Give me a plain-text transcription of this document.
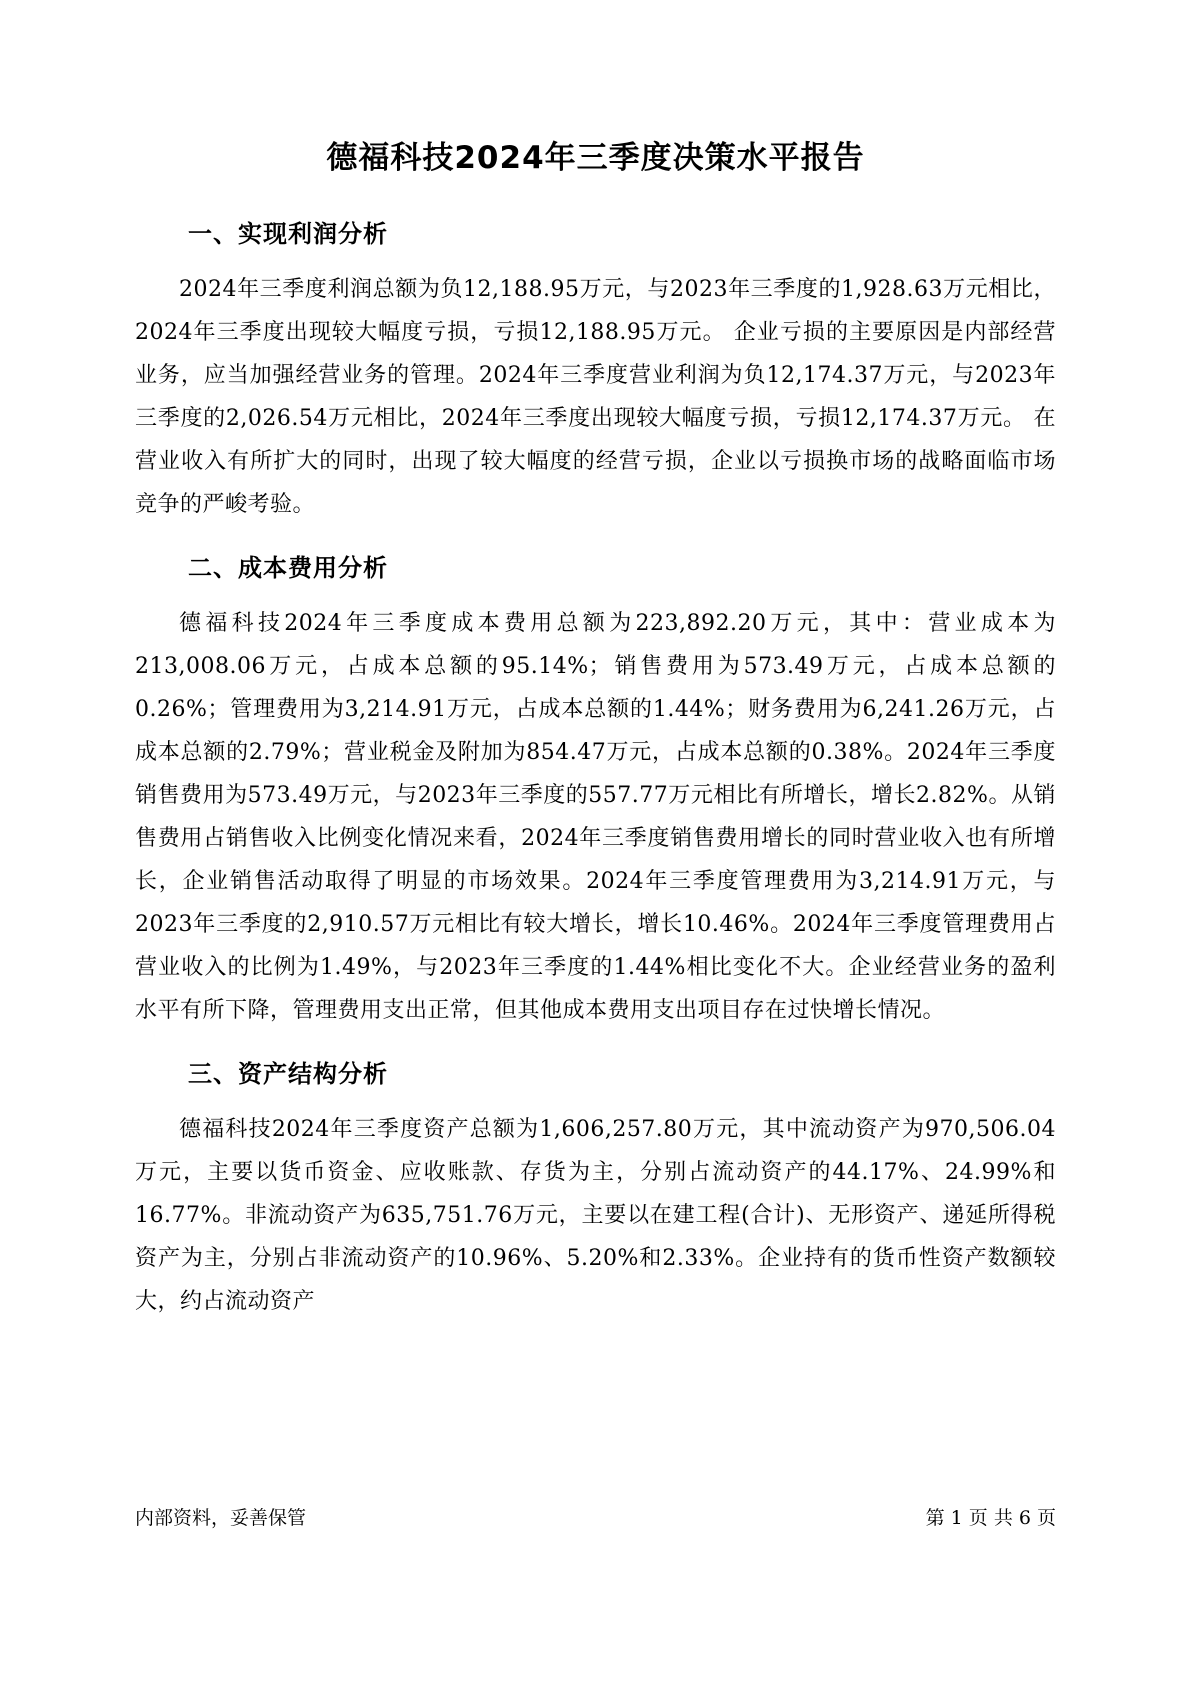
德福科技2024年三季度决策水平报告
一、实现利润分析

2024年三季度利润总额为负12,188.95万元，与2023年三季度的1,928.63万元相比，2024年三季度出现较大幅度亏损，亏损12,188.95万元。 企业亏损的主要原因是内部经营业务，应当加强经营业务的管理。2024年三季度营业利润为负12,174.37万元，与2023年三季度的2,026.54万元相比，2024年三季度出现较大幅度亏损，亏损12,174.37万元。 在营业收入有所扩大的同时，出现了较大幅度的经营亏损，企业以亏损换市场的战略面临市场竞争的严峻考验。

二、成本费用分析

德福科技2024年三季度成本费用总额为223,892.20万元，其中：营业成本为213,008.06万元，占成本总额的95.14%；销售费用为573.49万元，占成本总额的0.26%；管理费用为3,214.91万元，占成本总额的1.44%；财务费用为6,241.26万元，占成本总额的2.79%；营业税金及附加为854.47万元，占成本总额的0.38%。2024年三季度销售费用为573.49万元，与2023年三季度的557.77万元相比有所增长，增长2.82%。从销售费用占销售收入比例变化情况来看，2024年三季度销售费用增长的同时营业收入也有所增长，企业销售活动取得了明显的市场效果。2024年三季度管理费用为3,214.91万元，与2023年三季度的2,910.57万元相比有较大增长，增长10.46%。2024年三季度管理费用占营业收入的比例为1.49%，与2023年三季度的1.44%相比变化不大。企业经营业务的盈利水平有所下降，管理费用支出正常，但其他成本费用支出项目存在过快增长情况。

三、资产结构分析

德福科技2024年三季度资产总额为1,606,257.80万元，其中流动资产为970,506.04万元，主要以货币资金、应收账款、存货为主，分别占流动资产的44.17%、24.99%和16.77%。非流动资产为635,751.76万元，主要以在建工程(合计)、无形资产、递延所得税资产为主，分别占非流动资产的10.96%、5.20%和2.33%。企业持有的货币性资产数额较大，约占流动资产

内部资料，妥善保管	第 1 页 共 6 页
